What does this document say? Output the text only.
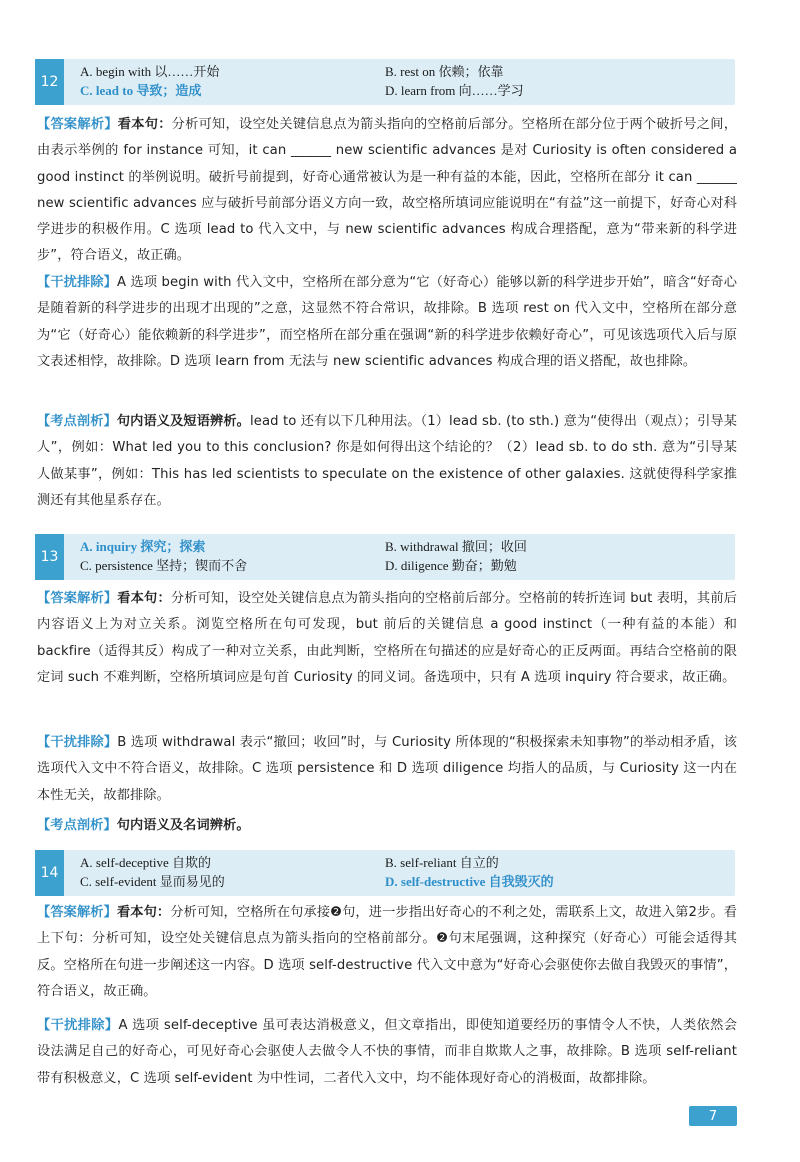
12
A. begin with 以……开始	B. rest on 依赖；依靠
C. lead to 导致；造成	D. learn from 向……学习
【答案解析】看本句：分析可知，设空处关键信息点为箭头指向的空格前后部分。空格所在部分位于两个破折号之间，由表示举例的 for instance 可知，it can ______ new scientific advances 是对 Curiosity is often considered a good instinct 的举例说明。破折号前提到，好奇心通常被认为是一种有益的本能，因此，空格所在部分 it can ______ new scientific advances 应与破折号前部分语义方向一致，故空格所填词应能说明在“有益”这一前提下，好奇心对科学进步的积极作用。C 选项 lead to 代入文中，与 new scientific advances 构成合理搭配，意为“带来新的科学进步”，符合语义，故正确。
【干扰排除】A 选项 begin with 代入文中，空格所在部分意为“它（好奇心）能够以新的科学进步开始”，暗含“好奇心是随着新的科学进步的出现才出现的”之意，这显然不符合常识，故排除。B 选项 rest on 代入文中，空格所在部分意为“它（好奇心）能依赖新的科学进步”，而空格所在部分重在强调“新的科学进步依赖好奇心”，可见该选项代入后与原文表述相悖，故排除。D 选项 learn from 无法与 new scientific advances 构成合理的语义搭配，故也排除。
【考点剖析】句内语义及短语辨析。lead to 还有以下几种用法。（1）lead sb. (to sth.) 意为“使得出（观点）；引导某人”，例如：What led you to this conclusion? 你是如何得出这个结论的？（2）lead sb. to do sth. 意为“引导某人做某事”，例如：This has led scientists to speculate on the existence of other galaxies. 这就使得科学家推测还有其他星系存在。
13
A. inquiry 探究；探索	B. withdrawal 撤回；收回
C. persistence 坚持；锲而不舍	D. diligence 勤奋；勤勉
【答案解析】看本句：分析可知，设空处关键信息点为箭头指向的空格前后部分。空格前的转折连词 but 表明，其前后内容语义上为对立关系。浏览空格所在句可发现，but 前后的关键信息 a good instinct（一种有益的本能）和 backfire（适得其反）构成了一种对立关系，由此判断，空格所在句描述的应是好奇心的正反两面。再结合空格前的限定词 such 不难判断，空格所填词应是句首 Curiosity 的同义词。备选项中，只有 A 选项 inquiry 符合要求，故正确。
【干扰排除】B 选项 withdrawal 表示“撤回；收回”时，与 Curiosity 所体现的“积极探索未知事物”的举动相矛盾，该选项代入文中不符合语义，故排除。C 选项 persistence 和 D 选项 diligence 均指人的品质，与 Curiosity 这一内在本性无关，故都排除。
【考点剖析】句内语义及名词辨析。
14
A. self-deceptive 自欺的	B. self-reliant 自立的
C. self-evident 显而易见的	D. self-destructive 自我毁灭的
【答案解析】看本句：分析可知，空格所在句承接❷句，进一步指出好奇心的不利之处，需联系上文，故进入第2步。看上下句：分析可知，设空处关键信息点为箭头指向的空格前部分。❷句末尾强调，这种探究（好奇心）可能会适得其反。空格所在句进一步阐述这一内容。D 选项 self-destructive 代入文中意为“好奇心会驱使你去做自我毁灭的事情”，符合语义，故正确。
【干扰排除】A 选项 self-deceptive 虽可表达消极意义，但文章指出，即使知道要经历的事情令人不快，人类依然会设法满足自己的好奇心，可见好奇心会驱使人去做令人不快的事情，而非自欺欺人之事，故排除。B 选项 self-reliant 带有积极意义，C 选项 self-evident 为中性词，二者代入文中，均不能体现好奇心的消极面，故都排除。
7
